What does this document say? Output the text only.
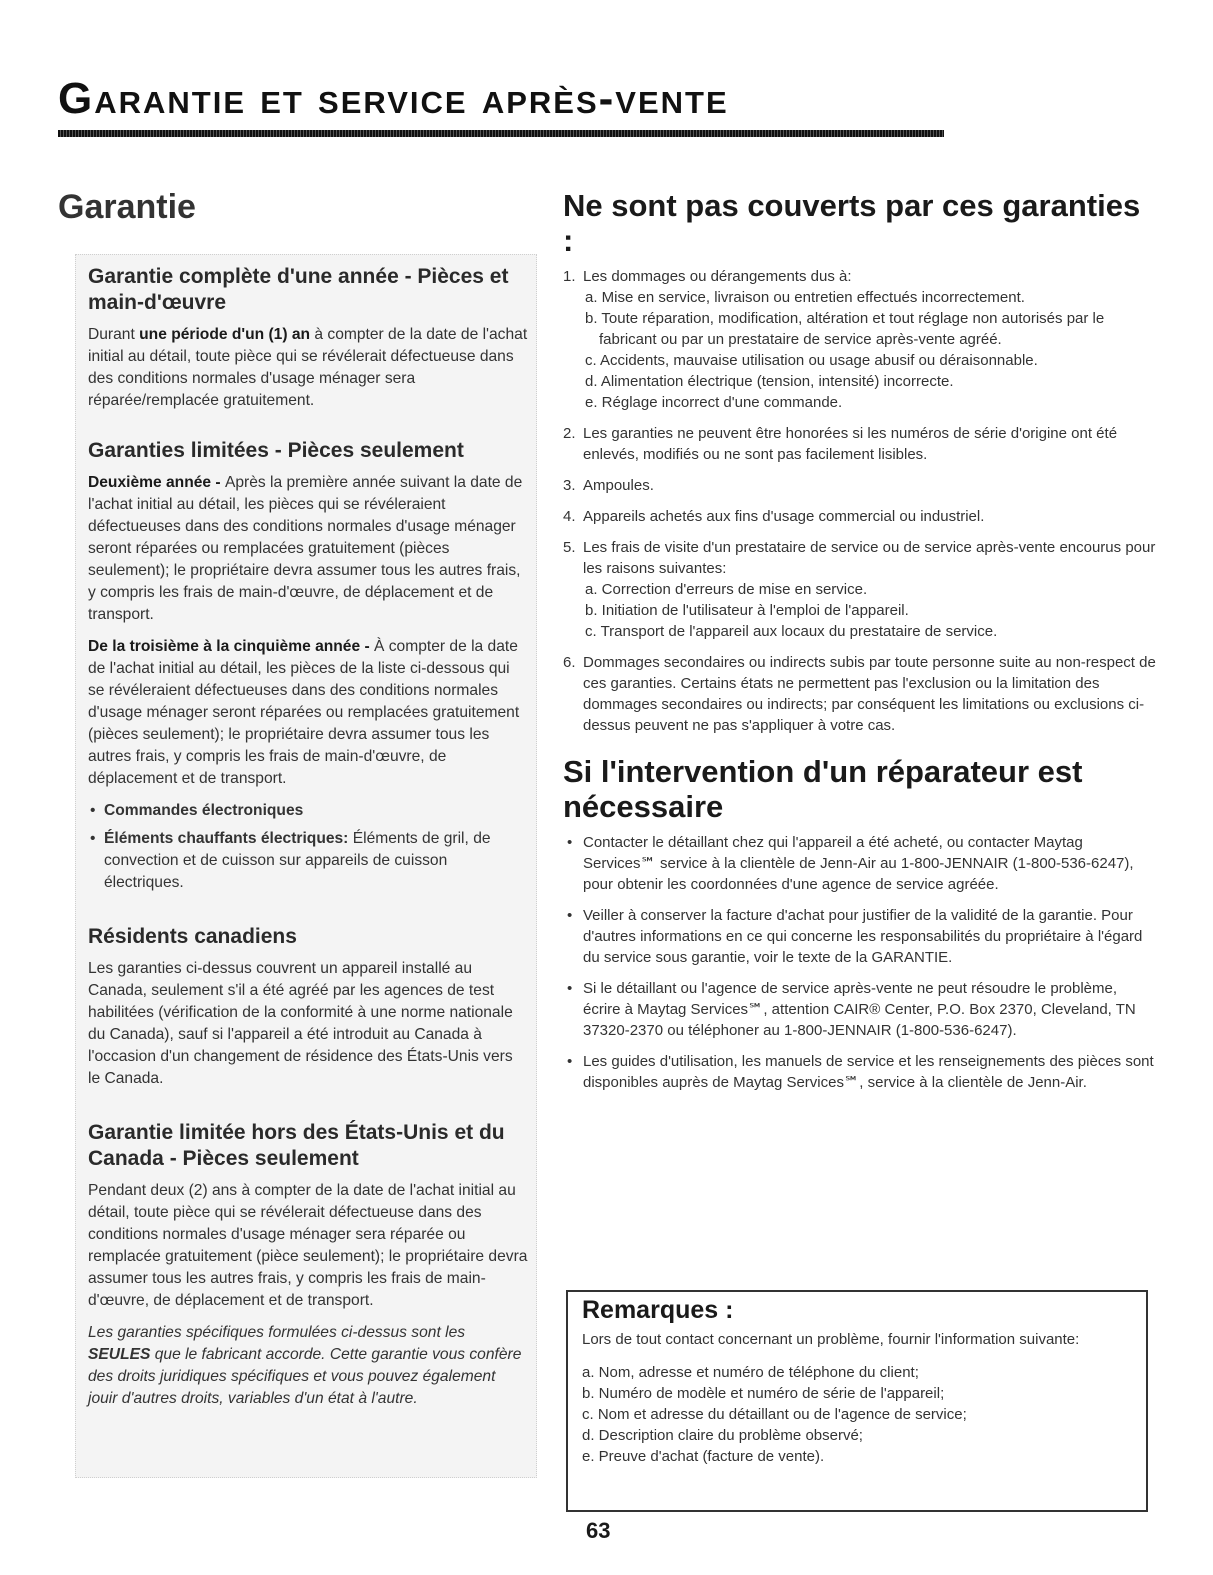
Garantie et service après-vente
Garantie
Garantie complète d'une année - Pièces et main-d'œuvre

Durant une période d'un (1) an à compter de la date de l'achat initial au détail, toute pièce qui se révélerait défectueuse dans des conditions normales d'usage ménager sera réparée/remplacée gratuitement.

Garanties limitées - Pièces seulement

Deuxième année - Après la première année suivant la date de l'achat initial au détail, les pièces qui se révéleraient défectueuses dans des conditions normales d'usage ménager seront réparées ou remplacées gratuitement (pièces seulement); le propriétaire devra assumer tous les autres frais, y compris les frais de main-d'œuvre, de déplacement et de transport.

De la troisième à la cinquième année - À compter de la date de l'achat initial au détail, les pièces de la liste ci-dessous qui se révéleraient défectueuses dans des conditions normales d'usage ménager seront réparées ou remplacées gratuitement (pièces seulement); le propriétaire devra assumer tous les autres frais, y compris les frais de main-d'œuvre, de déplacement et de transport.

• Commandes électroniques
• Éléments chauffants électriques: Éléments de gril, de convection et de cuisson sur appareils de cuisson électriques.
Résidents canadiens

Les garanties ci-dessus couvrent un appareil installé au Canada, seulement s'il a été agréé par les agences de test habilitées (vérification de la conformité à une norme nationale du Canada), sauf si l'appareil a été introduit au Canada à l'occasion d'un changement de résidence des États-Unis vers le Canada.

Garantie limitée hors des États-Unis et du Canada - Pièces seulement

Pendant deux (2) ans à compter de la date de l'achat initial au détail, toute pièce qui se révélerait défectueuse dans des conditions normales d'usage ménager sera réparée ou remplacée gratuitement (pièce seulement); le propriétaire devra assumer tous les autres frais, y compris les frais de main-d'œuvre, de déplacement et de transport.

Les garanties spécifiques formulées ci-dessus sont les SEULES que le fabricant accorde. Cette garantie vous confère des droits juridiques spécifiques et vous pouvez également jouir d'autres droits, variables d'un état à l'autre.

Ne sont pas couverts par ces garanties :
1. Les dommages ou dérangements dus à:
a. Mise en service, livraison ou entretien effectués incorrectement.
b. Toute réparation, modification, altération et tout réglage non autorisés par le fabricant ou par un prestataire de service après-vente agréé.
c. Accidents, mauvaise utilisation ou usage abusif ou déraisonnable.
d. Alimentation électrique (tension, intensité) incorrecte.
e. Réglage incorrect d'une commande.
2. Les garanties ne peuvent être honorées si les numéros de série d'origine ont été enlevés, modifiés ou ne sont pas facilement lisibles.
3. Ampoules.
4. Appareils achetés aux fins d'usage commercial ou industriel.
5. Les frais de visite d'un prestataire de service ou de service après-vente encourus pour les raisons suivantes:
a. Correction d'erreurs de mise en service.
b. Initiation de l'utilisateur à l'emploi de l'appareil.
c. Transport de l'appareil aux locaux du prestataire de service.
6. Dommages secondaires ou indirects subis par toute personne suite au non-respect de ces garanties. Certains états ne permettent pas l'exclusion ou la limitation des dommages secondaires ou indirects; par conséquent les limitations ou exclusions ci-dessus peuvent ne pas s'appliquer à votre cas.
Si l'intervention d'un réparateur est nécessaire
• Contacter le détaillant chez qui l'appareil a été acheté, ou contacter Maytag Services℠ service à la clientèle de Jenn-Air au 1-800-JENNAIR (1-800-536-6247), pour obtenir les coordonnées d'une agence de service agréée.
• Veiller à conserver la facture d'achat pour justifier de la validité de la garantie. Pour d'autres informations en ce qui concerne les responsabilités du propriétaire à l'égard du service sous garantie, voir le texte de la GARANTIE.
• Si le détaillant ou l'agence de service après-vente ne peut résoudre le problème, écrire à Maytag Services℠, attention CAIR® Center, P.O. Box 2370, Cleveland, TN 37320-2370 ou téléphoner au 1-800-JENNAIR (1-800-536-6247).
• Les guides d'utilisation, les manuels de service et les renseignements des pièces sont disponibles auprès de Maytag Services℠, service à la clientèle de Jenn-Air.
Remarques :

Lors de tout contact concernant un problème, fournir l'information suivante:

a. Nom, adresse et numéro de téléphone du client;
b. Numéro de modèle et numéro de série de l'appareil;
c. Nom et adresse du détaillant ou de l'agence de service;
d. Description claire du problème observé;
e. Preuve d'achat (facture de vente).
63
